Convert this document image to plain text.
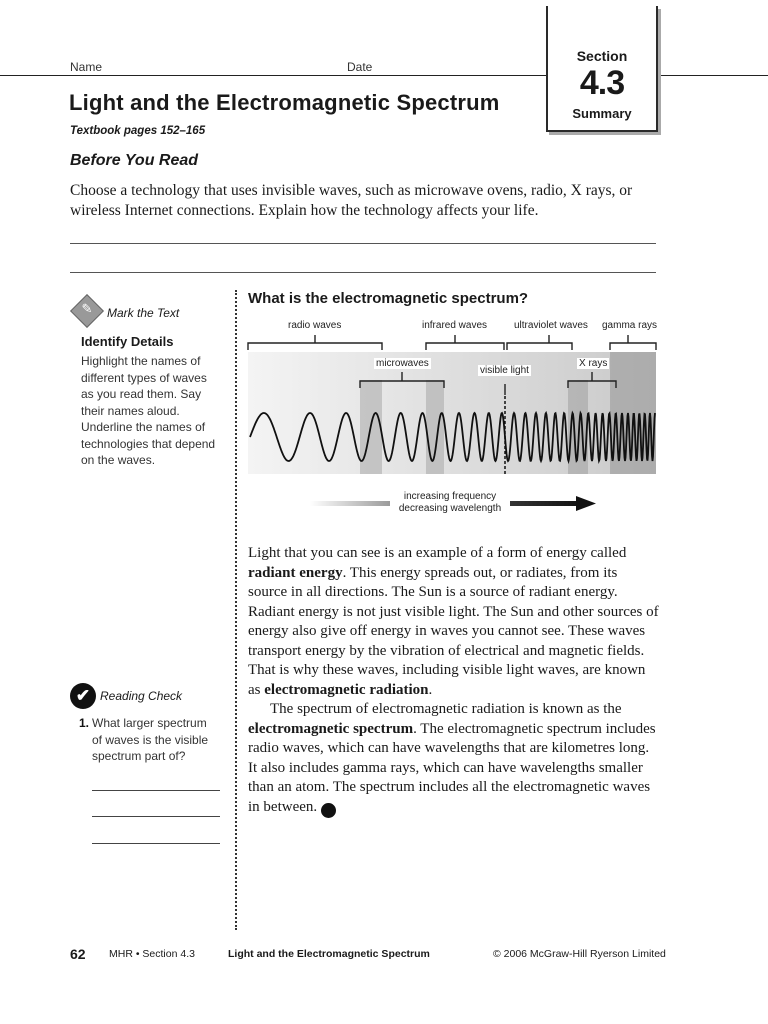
Name	Date
Section
4.3
Summary
Light and the Electromagnetic Spectrum
Textbook pages 152–165
Before You Read
Choose a technology that uses invisible waves, such as microwave ovens, radio, X rays, or wireless Internet connections. Explain how the technology affects your life.
✎	Mark the Text
Identify Details
Highlight the names of different types of waves as you read them. Say their names aloud. Underline the names of technologies that depend on the waves.
✔ Reading Check
1. What larger spectrum of waves is the visible spectrum part of?
What is the electromagnetic spectrum?
radio waves	infrared waves	ultraviolet waves gamma rays
microwaves
visible light
X rays
increasing frequency
decreasing wavelength

Light that you can see is an example of a form of energy called radiant energy. This energy spreads out, or radiates, from its source in all directions. The Sun is a source of radiant energy. Radiant energy is not just visible light. The Sun and other sources of energy also give off energy in waves you cannot see. These waves transport energy by the vibration of electrical and magnetic fields. That is why these waves, including visible light waves, are known as electromagnetic radiation.

The spectrum of electromagnetic radiation is known as the electromagnetic spectrum. The electromagnetic spectrum includes radio waves, which can have wavelengths that are kilometres long. It also includes gamma rays, which can have wavelengths smaller than an atom. The spectrum includes all the electromagnetic waves in between. ✔

62 MHR • Section 4.3	Light and the Electromagnetic Spectrum	© 2006 McGraw-Hill Ryerson Limited
